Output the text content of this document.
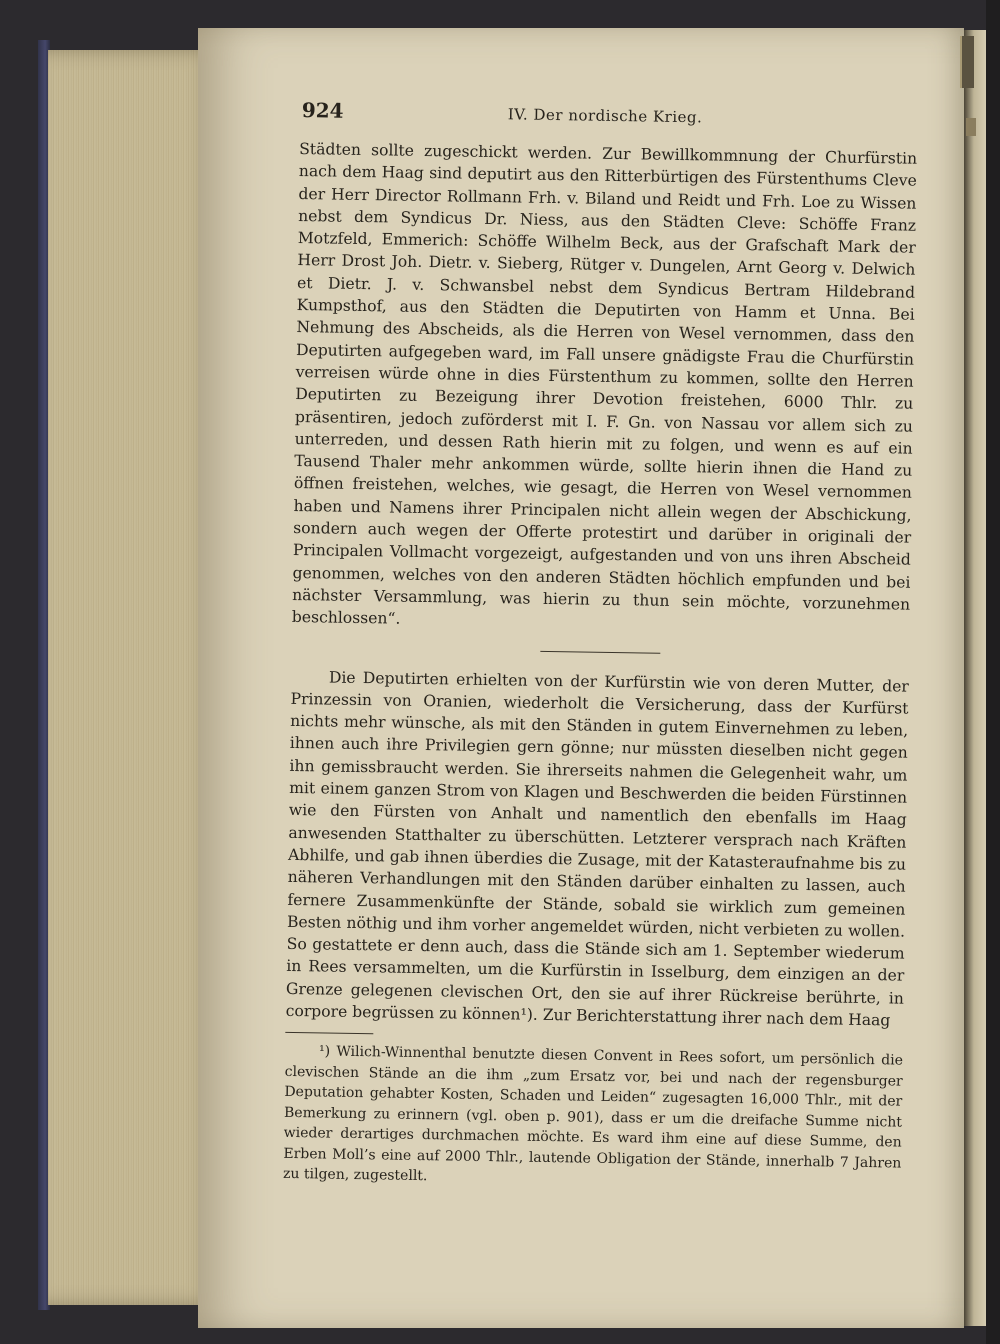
924	IV. Der nordische Krieg.

Städten sollte zugeschickt werden. Zur Bewillkommnung der Churfürstin nach dem Haag sind deputirt aus den Ritterbürtigen des Fürstenthums Cleve der Herr Director Rollmann Frh. v. Biland und Reidt und Frh. Loe zu Wissen nebst dem Syndicus Dr. Niess, aus den Städten Cleve: Schöffe Franz Motzfeld, Emmerich: Schöffe Wilhelm Beck, aus der Grafschaft Mark der Herr Drost Joh. Dietr. v. Sieberg, Rütger v. Dungelen, Arnt Georg v. Delwich et Dietr. J. v. Schwansbel nebst dem Syndicus Bertram Hildebrand Kumpsthof, aus den Städten die Deputirten von Hamm et Unna. Bei Nehmung des Abscheids, als die Herren von Wesel vernommen, dass den Deputirten aufgegeben ward, im Fall unsere gnädigste Frau die Churfürstin verreisen würde ohne in dies Fürstenthum zu kommen, sollte den Herren Deputirten zu Bezeigung ihrer Devotion freistehen, 6000 Thlr. zu präsentiren, jedoch zuförderst mit I. F. Gn. von Nassau vor allem sich zu unterreden, und dessen Rath hierin mit zu folgen, und wenn es auf ein Tausend Thaler mehr ankommen würde, sollte hierin ihnen die Hand zu öffnen freistehen, welches, wie gesagt, die Herren von Wesel vernommen haben und Namens ihrer Principalen nicht allein wegen der Abschickung, sondern auch wegen der Offerte protestirt und darüber in originali der Principalen Vollmacht vorgezeigt, aufgestanden und von uns ihren Abscheid genommen, welches von den anderen Städten höchlich empfunden und bei nächster Versammlung, was hierin zu thun sein möchte, vorzunehmen beschlossen“.

Die Deputirten erhielten von der Kurfürstin wie von deren Mutter, der Prinzessin von Oranien, wiederholt die Versicherung, dass der Kurfürst nichts mehr wünsche, als mit den Ständen in gutem Einvernehmen zu leben, ihnen auch ihre Privilegien gern gönne; nur müssten dieselben nicht gegen ihn gemissbraucht werden. Sie ihrerseits nahmen die Gelegenheit wahr, um mit einem ganzen Strom von Klagen und Beschwerden die beiden Fürstinnen wie den Fürsten von Anhalt und namentlich den ebenfalls im Haag anwesenden Statthalter zu überschütten. Letzterer versprach nach Kräften Abhilfe, und gab ihnen überdies die Zusage, mit der Katasteraufnahme bis zu näheren Verhandlungen mit den Ständen darüber einhalten zu lassen, auch fernere Zusammenkünfte der Stände, sobald sie wirklich zum gemeinen Besten nöthig und ihm vorher angemeldet würden, nicht verbieten zu wollen. So gestattete er denn auch, dass die Stände sich am 1. September wiederum in Rees versammelten, um die Kurfürstin in Isselburg, dem einzigen an der Grenze gelegenen clevischen Ort, den sie auf ihrer Rückreise berührte, in corpore begrüssen zu können¹). Zur Berichterstattung ihrer nach dem Haag

¹) Wilich-Winnenthal benutzte diesen Convent in Rees sofort, um persönlich die clevischen Stände an die ihm „zum Ersatz vor, bei und nach der regensburger Deputation gehabter Kosten, Schaden und Leiden“ zugesagten 16,000 Thlr., mit der Bemerkung zu erinnern (vgl. oben p. 901), dass er um die dreifache Summe nicht wieder derartiges durchmachen möchte. Es ward ihm eine auf diese Summe, den Erben Moll’s eine auf 2000 Thlr., lautende Obligation der Stände, innerhalb 7 Jahren zu tilgen, zugestellt.
